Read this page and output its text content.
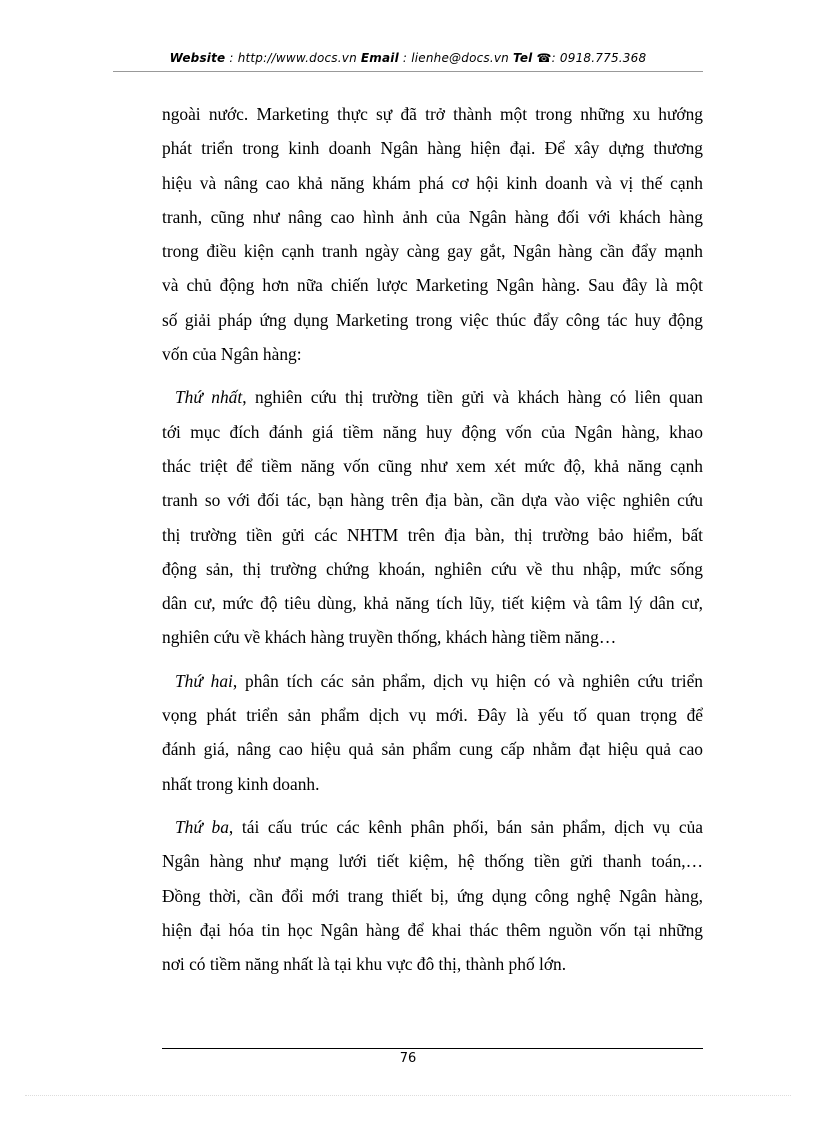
Website : http://www.docs.vn Email : lienhe@docs.vn Tel ☎: 0918.775.368

ngoài nước. Marketing thực sự đã trở thành một trong những xu hướng

phát triển trong kinh doanh Ngân hàng hiện đại. Để xây dựng thương

hiệu và nâng cao khả năng khám phá cơ hội kinh doanh và vị thế cạnh

tranh, cũng như nâng cao hình ảnh của Ngân hàng đối với khách hàng

trong điều kiện cạnh tranh ngày càng gay gắt, Ngân hàng cần đẩy mạnh

và chủ động hơn nữa chiến lược Marketing Ngân hàng. Sau đây là một

số giải pháp ứng dụng Marketing trong việc thúc đẩy công tác huy động

vốn của Ngân hàng:

Thứ nhất, nghiên cứu thị trường tiền gửi và khách hàng có liên quan

tới mục đích đánh giá tiềm năng huy động vốn của Ngân hàng, khao

thác triệt để tiềm năng vốn cũng như xem xét mức độ, khả năng cạnh

tranh so với đối tác, bạn hàng trên địa bàn, cần dựa vào việc nghiên cứu

thị trường tiền gửi các NHTM trên địa bàn, thị trường bảo hiểm, bất

động sản, thị trường chứng khoán, nghiên cứu về thu nhập, mức sống

dân cư, mức độ tiêu dùng, khả năng tích lũy, tiết kiệm và tâm lý dân cư,

nghiên cứu về khách hàng truyền thống, khách hàng tiềm năng…

Thứ hai, phân tích các sản phẩm, dịch vụ hiện có và nghiên cứu triển

vọng phát triển sản phẩm dịch vụ mới. Đây là yếu tố quan trọng để

đánh giá, nâng cao hiệu quả sản phẩm cung cấp nhằm đạt hiệu quả cao

nhất trong kinh doanh.

Thứ ba, tái cấu trúc các kênh phân phối, bán sản phẩm, dịch vụ của

Ngân hàng như mạng lưới tiết kiệm, hệ thống tiền gửi thanh toán,…

Đồng thời, cần đổi mới trang thiết bị, ứng dụng công nghệ Ngân hàng,

hiện đại hóa tin học Ngân hàng để khai thác thêm nguồn vốn tại những

nơi có tiềm năng nhất là tại khu vực đô thị, thành phố lớn.

76
